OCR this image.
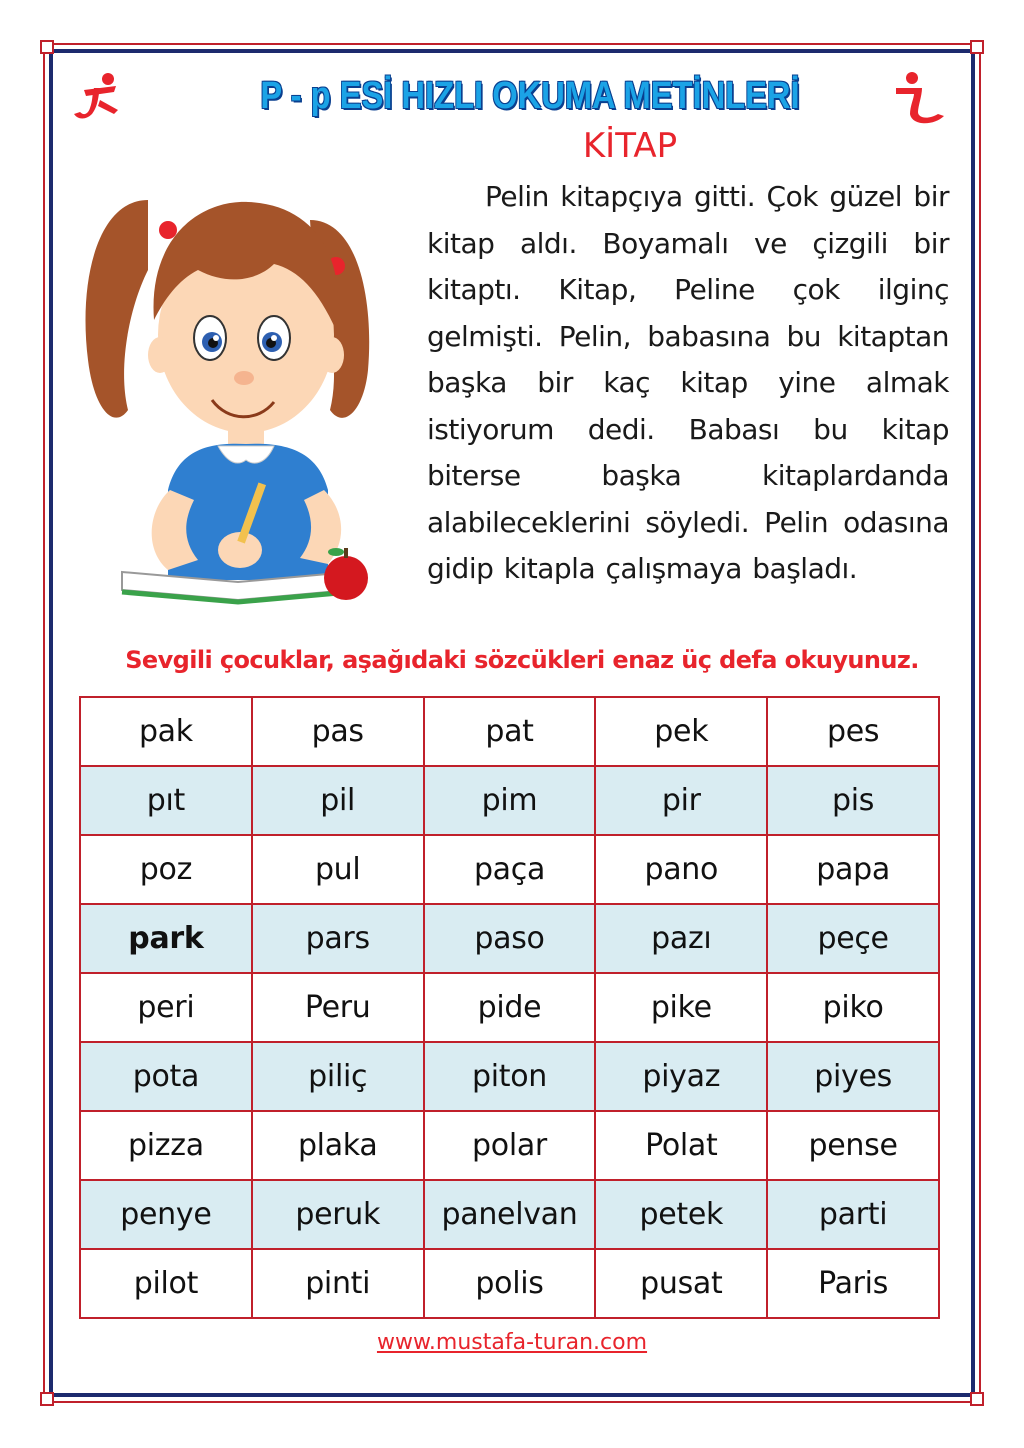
P - p ESİ HIZLI OKUMA METİNLERİ
KİTAP

Pelin kitapçıya gitti. Çok güzel bir kitap aldı. Boyamalı ve çizgili bir kitaptı. Kitap, Peline çok ilginç gelmişti. Pelin, babasına bu kitaptan başka bir kaç kitap yine almak istiyorum dedi. Babası bu kitap biterse başka kitaplardanda alabileceklerini söyledi. Pelin odasına gidip kitapla çalışmaya başladı.

Sevgili çocuklar, aşağıdaki sözcükleri enaz üç defa okuyunuz.
pak	pas	pat	pek	pes
pıt	pil	pim	pir	pis
poz	pul	paça	pano	papa
park	pars	paso	pazı	peçe
peri	Peru	pide	pike	piko
pota	piliç	piton	piyaz	piyes
pizza	plaka	polar	Polat	pense
penye	peruk	panelvan	petek	parti
pilot	pinti	polis	pusat	Paris
www.mustafa-turan.com
